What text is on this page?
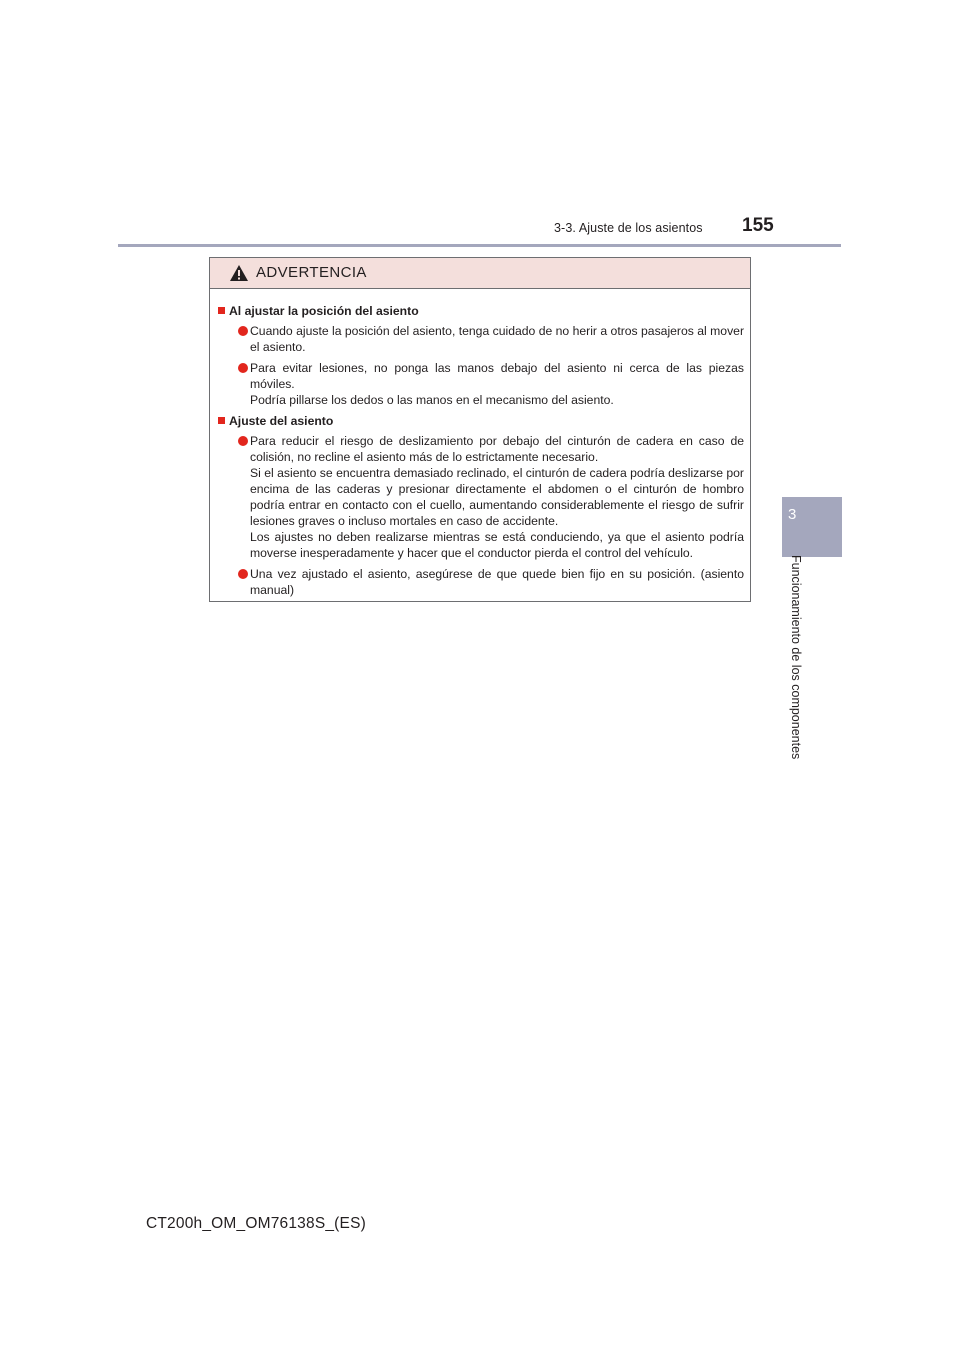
3-3. Ajuste de los asientos 155
3
Funcionamiento de los componentes
ADVERTENCIA
Al ajustar la posición del asiento
Cuando ajuste la posición del asiento, tenga cuidado de no herir a otros pasajeros al mover el asiento.
Para evitar lesiones, no ponga las manos debajo del asiento ni cerca de las piezas móviles.
Podría pillarse los dedos o las manos en el mecanismo del asiento.
Ajuste del asiento
Para reducir el riesgo de deslizamiento por debajo del cinturón de cadera en caso de colisión, no recline el asiento más de lo estrictamente necesario.
Si el asiento se encuentra demasiado reclinado, el cinturón de cadera podría deslizarse por encima de las caderas y presionar directamente el abdomen o el cinturón de hombro podría entrar en contacto con el cuello, aumentando considerablemente el riesgo de sufrir lesiones graves o incluso mortales en caso de accidente.
Los ajustes no deben realizarse mientras se está conduciendo, ya que el asiento podría moverse inesperadamente y hacer que el conductor pierda el control del vehículo.
Una vez ajustado el asiento, asegúrese de que quede bien fijo en su posición. (asiento manual)
CT200h_OM_OM76138S_(ES)
